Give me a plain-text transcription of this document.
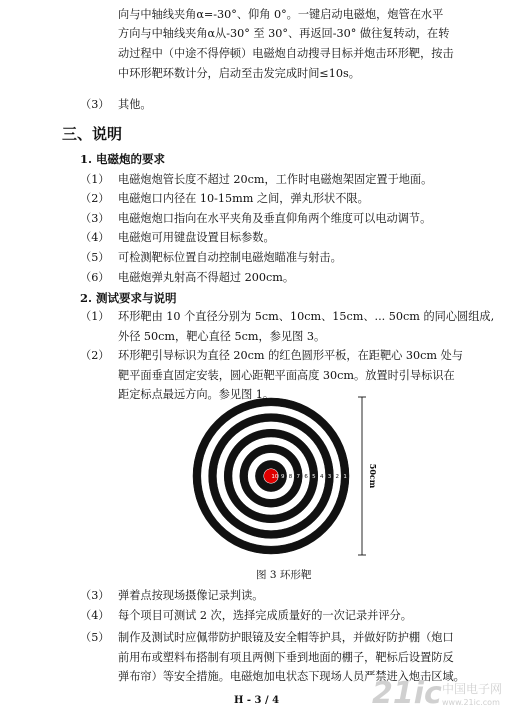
向与中轴线夹角α=-30°、仰角 0°。一键启动电磁炮，炮管在水平
方向与中轴线夹角α从-30° 至 30°、再返回-30° 做往复转动，在转
动过程中（中途不得停顿）电磁炮自动搜寻目标并炮击环形靶，按击
中环形靶环数计分，启动至击发完成时间≤10s。
（3） 其他。
三、说明
1. 电磁炮的要求
（1） 电磁炮炮管长度不超过 20cm，工作时电磁炮架固定置于地面。
（2） 电磁炮口内径在 10-15mm 之间，弹丸形状不限。
（3） 电磁炮炮口指向在水平夹角及垂直仰角两个维度可以电动调节。
（4） 电磁炮可用键盘设置目标参数。
（5） 可检测靶标位置自动控制电磁炮瞄准与射击。
（6） 电磁炮弹丸射高不得超过 200cm。
2. 测试要求与说明
（1） 环形靶由 10 个直径分别为 5cm、10cm、15cm、... 50cm 的同心圆组成,
外径 50cm，靶心直径 5cm，参见图 3。
（2） 环形靶引导标识为直径 20cm 的红色圆形平板，在距靶心 30cm 处与
靶平面垂直固定安装，圆心距靶平面高度 30cm。放置时引导标识在
距定标点最远方向。参见图 1。
10 9 8 7 6 5 4 3 2 1	50cm
图 3 环形靶
（3） 弹着点按现场摄像记录判读。
（4） 每个项目可测试 2 次，选择完成质量好的一次记录并评分。
（5） 制作及测试时应佩带防护眼镜及安全帽等护具，并做好防护棚（炮口
前用布或塑料布搭制有项且两侧下垂到地面的棚子，靶标后设置防反
弹布帘）等安全措施。电磁炮加电状态下现场人员严禁进入炮击区域。
H - 3 / 4	21ic 中国电子网
www.21ic.com
